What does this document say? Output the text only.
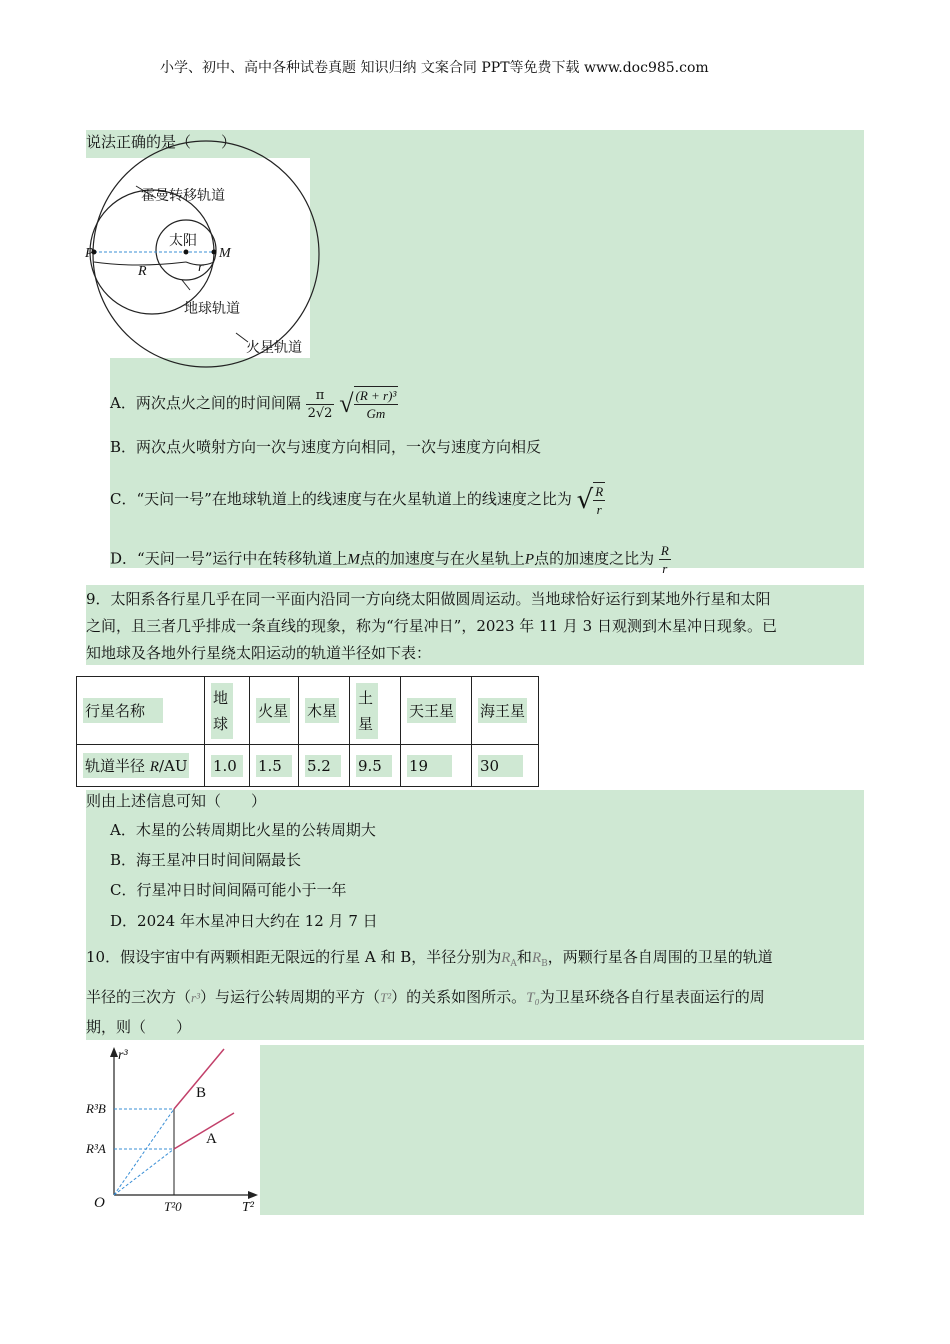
小学、初中、高中各种试卷真题 知识归纳 文案合同 PPT等免费下载 www.doc985.com
说法正确的是（　　）
霍曼转移轨道
太阳
P	M
R	r
地球轨道
火星轨道
A．两次点火之间的时间间隔 $\frac{\pi}{2√2}$ √ $\frac{\text{(R + r)³}}{Gm}$
B．两次点火喷射方向一次与速度方向相同，一次与速度方向相反
C．“天问一号”在地球轨道上的线速度与在火星轨道上的线速度之比为 √ $\frac{R}{r}$
D．“天问一号”运行中在转移轨道上M点的加速度与在火星轨上P点的加速度之比为 $\frac{R}{r}$
9．太阳系各行星几乎在同一平面内沿同一方向绕太阳做圆周运动。当地球恰好运行到某地外行星和太阳
之间，且三者几乎排成一条直线的现象，称为“行星冲日”，2023 年 11 月 3 日观测到木星冲日现象。已
知地球及各地外行星绕太阳运动的轨道半径如下表：
行星名称	地球	火星	木星	土星	天王星	海王星
轨道半径 R/AU	1.0	1.5	5.2	9.5	19	30
则由上述信息可知（　　）
A．木星的公转周期比火星的公转周期大
B．海王星冲日时间间隔最长
C．行星冲日时间间隔可能小于一年
D．2024 年木星冲日大约在 12 月 7 日
10．假设宇宙中有两颗相距无限远的行星 A 和 B，半径分别为$R_A$和$R_B$，两颗行星各自周围的卫星的轨道
半径的三次方（r³）与运行公转周期的平方（T²）的关系如图所示。T₀为卫星环绕各自行星表面运行的周
期，则（　　）
r³
T²
O
R³B
R³A
T²0
B
A
